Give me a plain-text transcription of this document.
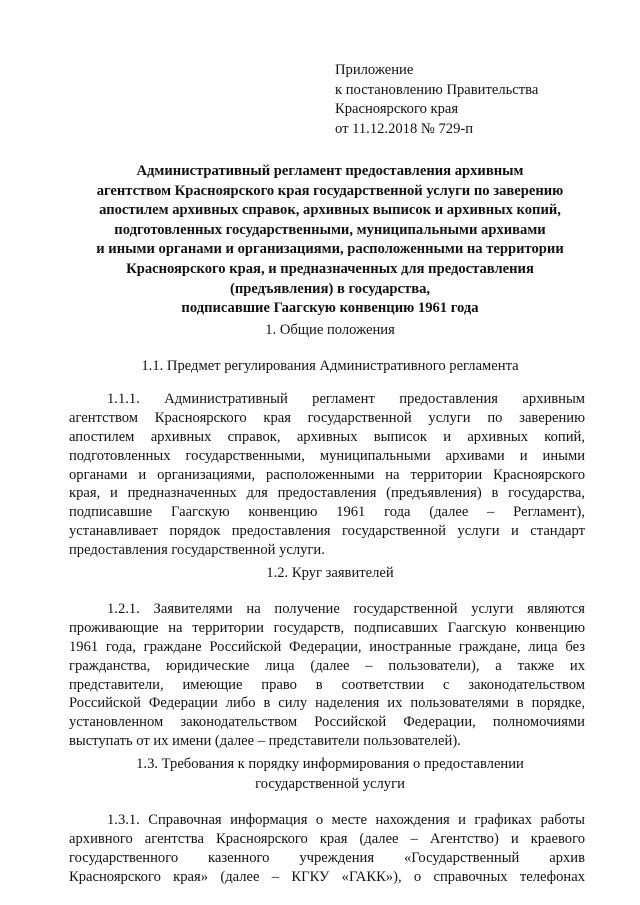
Приложение
к постановлению Правительства
Красноярского края
от 11.12.2018 № 729-п
Административный регламент предоставления архивным
агентством Красноярского края государственной услуги по заверению
апостилем архивных справок, архивных выписок и архивных копий,
подготовленных государственными, муниципальными архивами
и иными органами и организациями, расположенными на территории
Красноярского края, и предназначенных для предоставления
(предъявления) в государства,
подписавшие Гаагскую конвенцию 1961 года
1. Общие положения
1.1. Предмет регулирования Административного регламента
1.1.1. Административный регламент предоставления архивным
агентством Красноярского края государственной услуги по заверению
апостилем архивных справок, архивных выписок и архивных копий,
подготовленных государственными, муниципальными архивами и иными
органами и организациями, расположенными на территории Красноярского
края, и предназначенных для предоставления (предъявления) в государства,
подписавшие Гаагскую конвенцию 1961 года (далее – Регламент),
устанавливает порядок предоставления государственной услуги и стандарт
предоставления государственной услуги.
1.2. Круг заявителей
1.2.1. Заявителями на получение государственной услуги являются
проживающие на территории государств, подписавших Гаагскую конвенцию
1961 года, граждане Российской Федерации, иностранные граждане, лица без
гражданства, юридические лица (далее – пользователи), а также их
представители, имеющие право в соответствии с законодательством
Российской Федерации либо в силу наделения их пользователями в порядке,
установленном законодательством Российской Федерации, полномочиями
выступать от их имени (далее – представители пользователей).
1.3. Требования к порядку информирования о предоставлении
государственной услуги
1.3.1. Справочная информация о месте нахождения и графиках работы
архивного агентства Красноярского края (далее – Агентство) и краевого
государственного казенного учреждения «Государственный архив
Красноярского края» (далее – КГКУ «ГАКК»), о справочных телефонах
